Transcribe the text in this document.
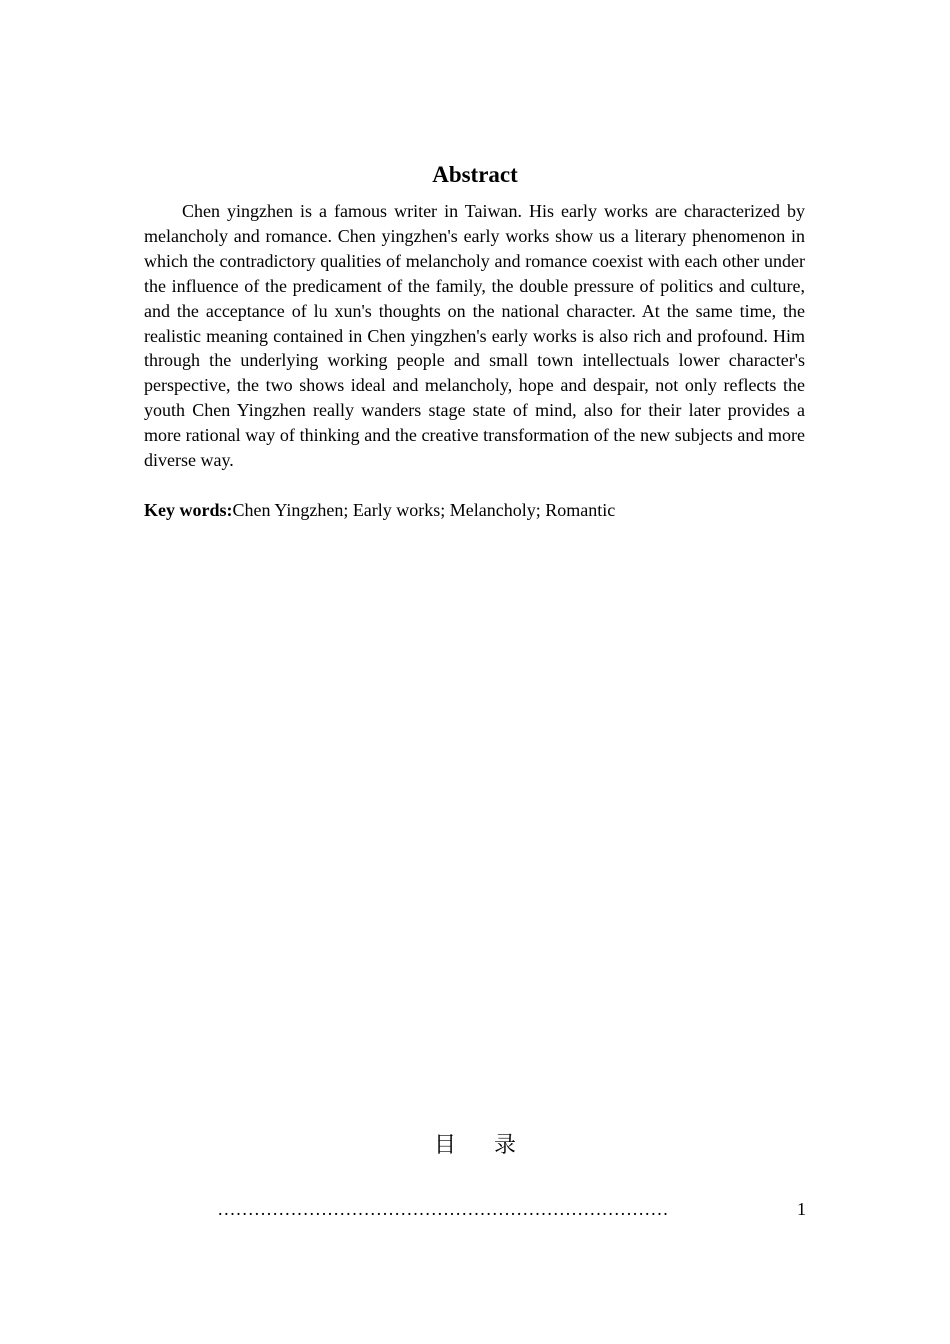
Abstract

Chen yingzhen is a famous writer in Taiwan. His early works are characterized by melancholy and romance. Chen yingzhen's early works show us a literary phenomenon in which the contradictory qualities of melancholy and romance coexist with each other under the influence of the predicament of the family, the double pressure of politics and culture, and the acceptance of lu xun's thoughts on the national character. At the same time, the realistic meaning contained in Chen yingzhen's early works is also rich and profound. Him through the underlying working people and small town intellectuals lower character's perspective, the two shows ideal and melancholy, hope and despair, not only reflects the youth Chen Yingzhen really wanders stage state of mind, also for their later provides a more rational way of thinking and the creative transformation of the new subjects and more diverse way.

Key words:Chen Yingzhen; Early works; Melancholy; Romantic

目 录
..........................................................................	1
